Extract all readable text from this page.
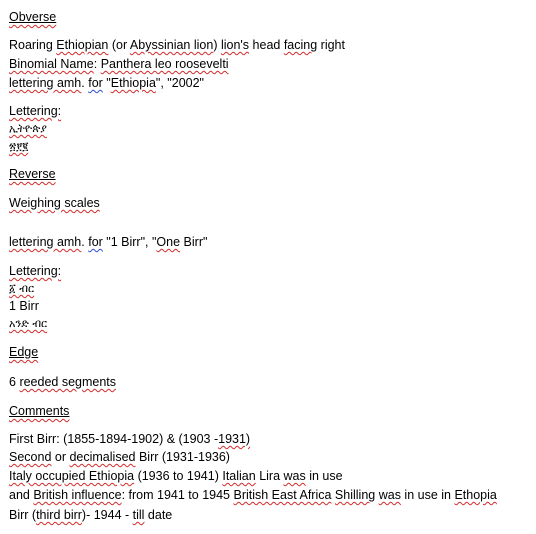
Obverse
Roaring Ethiopian (or Abyssinian lion) lion's head facing right
Binomial Name: Panthera leo roosevelti
lettering amh. for "Ethiopia", "2002"
Lettering:
ኢትዮጵያ
፳፻፪
Reverse
Weighing scales
lettering amh. for "1 Birr", "One Birr"
Lettering:
፩ ብር
1 Birr
አንድ ብር
Edge
6 reeded segments
Comments
First Birr: (1855-1894-1902) & (1903 -1931)
Second or decimalised Birr (1931-1936)
Italy occupied Ethiopia (1936 to 1941) Italian Lira was in use
and British influence: from 1941 to 1945 British East Africa Shilling was in use in Ethopia
Birr (third birr)- 1944 - till date
